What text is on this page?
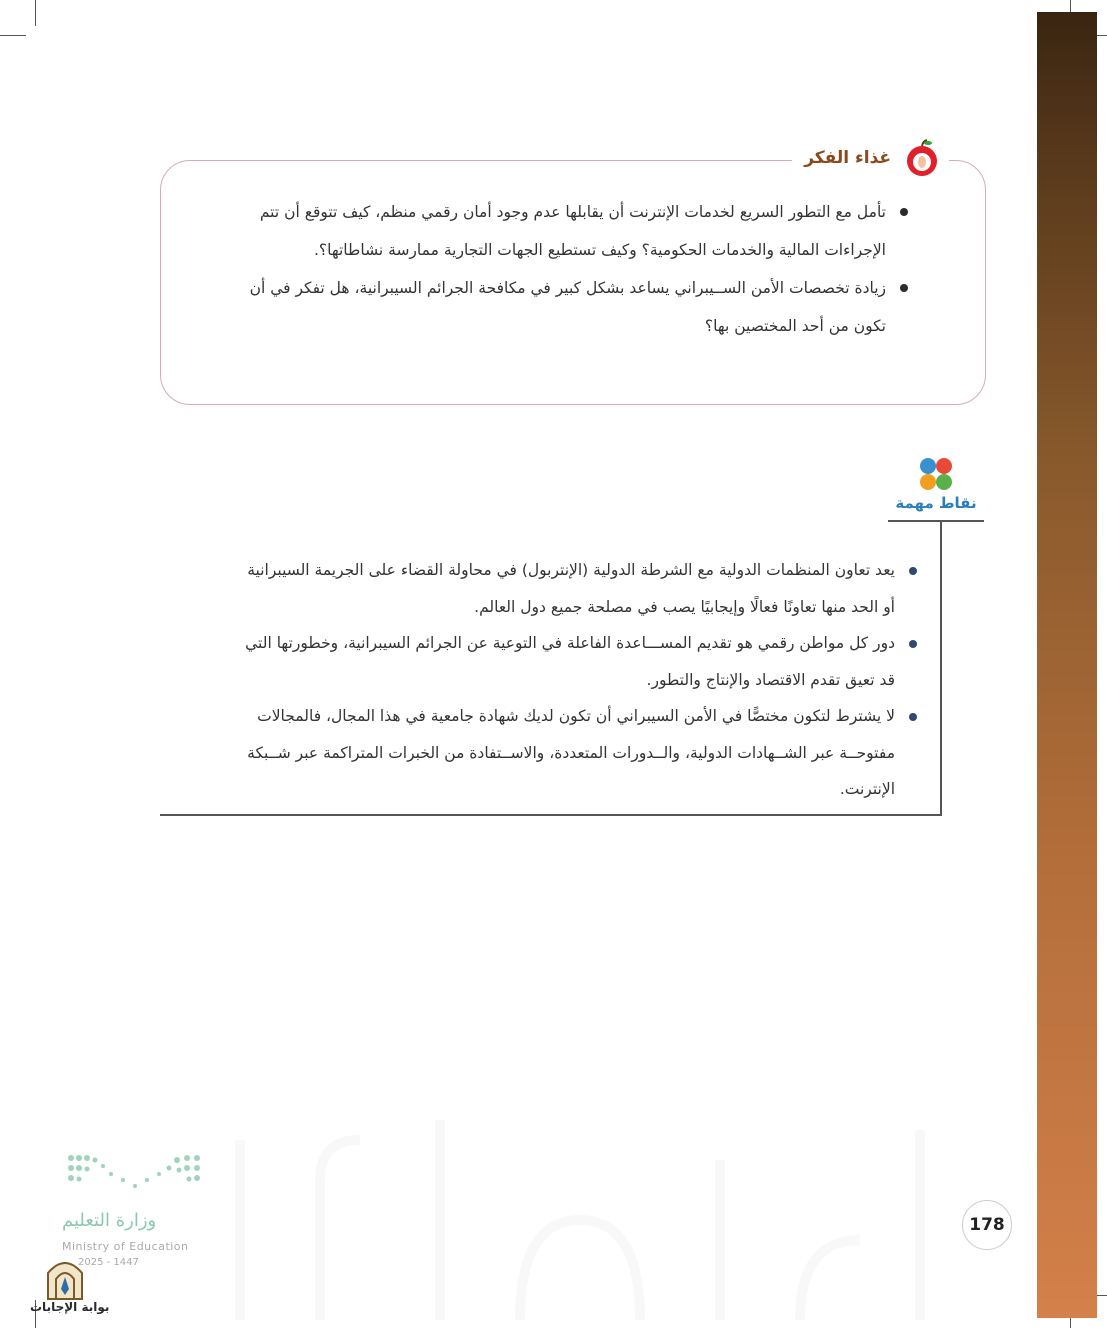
غذاء الفكر
تأمل مع التطور السريع لخدمات الإنترنت أن يقابلها عدم وجود أمان رقمي منظم، كيف تتوقع أن تتم
الإجراءات المالية والخدمات الحكومية؟ وكيف تستطيع الجهات التجارية ممارسة نشاطاتها؟.
زيادة تخصصات الأمن الســيبراني يساعد بشكل كبير في مكافحة الجرائم السيبرانية، هل تفكر في أن
تكون من أحد المختصين بها؟
نقاط مهمة
يعد تعاون المنظمات الدولية مع الشرطة الدولية (الإنتربول) في محاولة القضاء على الجريمة السيبرانية
أو الحد منها تعاونًا فعالًا وإيجابيًا يصب في مصلحة جميع دول العالم.
دور كل مواطن رقمي هو تقديم المســـاعدة الفاعلة في التوعية عن الجرائم السيبرانية، وخطورتها التي
قد تعيق تقدم الاقتصاد والإنتاج والتطور.
لا يشترط لتكون مختصًّا في الأمن السيبراني أن تكون لديك شهادة جامعية في هذا المجال، فالمجالات
مفتوحــة عبر الشــهادات الدولية، والــدورات المتعددة، والاســتفادة من الخبرات المتراكمة عبر شــبكة
الإنترنت.
178
وزارة التعليم
Ministry of Education
2025 - 1447
بوابة الإجابات
